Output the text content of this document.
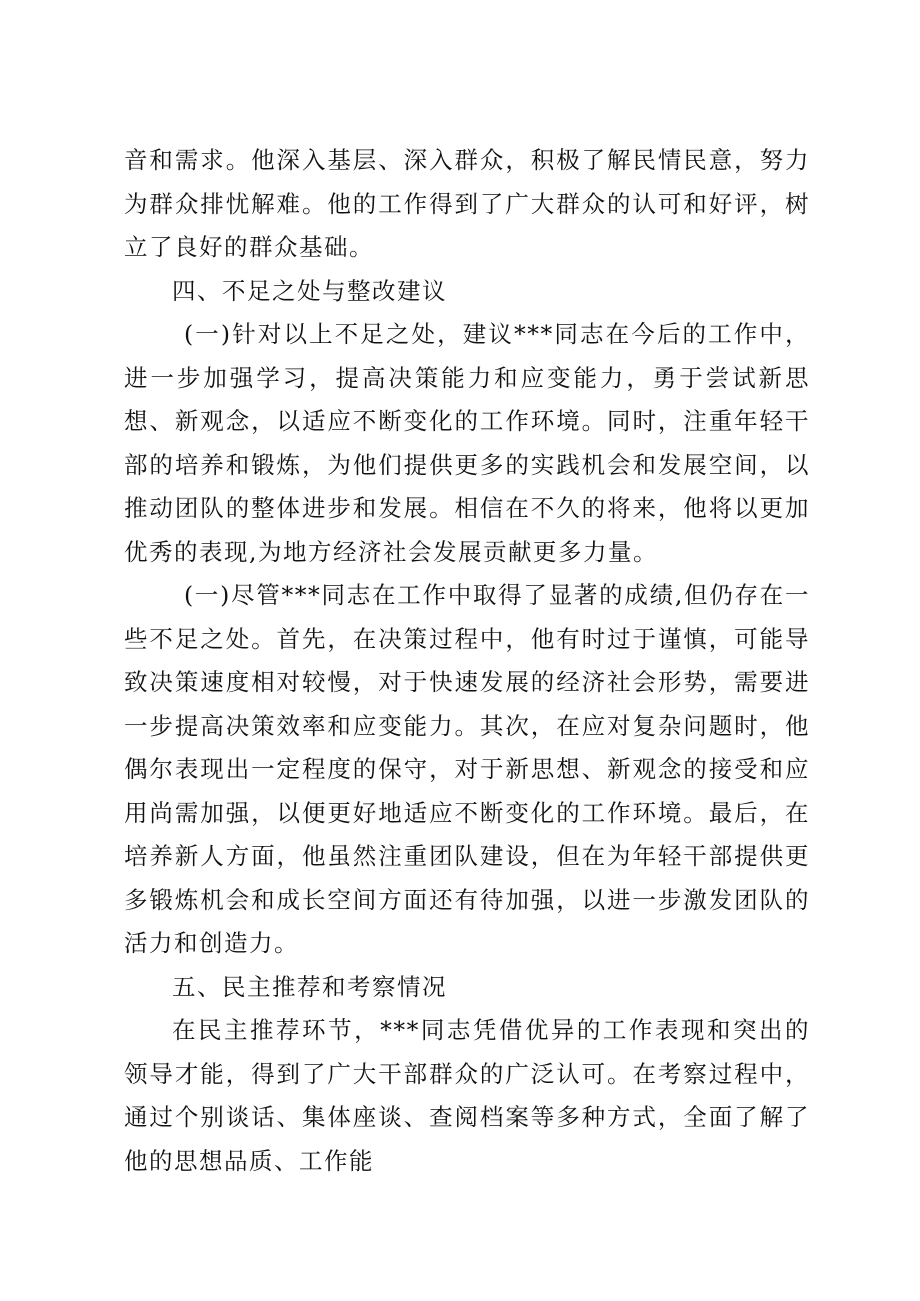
音和需求。他深入基层、深入群众，积极了解民情民意，努力为群众排忧解难。他的工作得到了广大群众的认可和好评，树立了良好的群众基础。

四、不足之处与整改建议

(一)针对以上不足之处，建议***同志在今后的工作中，进一步加强学习，提高决策能力和应变能力，勇于尝试新思想、新观念，以适应不断变化的工作环境。同时，注重年轻干部的培养和锻炼，为他们提供更多的实践机会和发展空间，以推动团队的整体进步和发展。相信在不久的将来，他将以更加优秀的表现,为地方经济社会发展贡献更多力量。

(一)尽管***同志在工作中取得了显著的成绩,但仍存在一些不足之处。首先，在决策过程中，他有时过于谨慎，可能导致决策速度相对较慢，对于快速发展的经济社会形势，需要进一步提高决策效率和应变能力。其次，在应对复杂问题时，他偶尔表现出一定程度的保守，对于新思想、新观念的接受和应用尚需加强，以便更好地适应不断变化的工作环境。最后，在培养新人方面，他虽然注重团队建设，但在为年轻干部提供更多锻炼机会和成长空间方面还有待加强，以进一步激发团队的活力和创造力。

五、民主推荐和考察情况

在民主推荐环节，***同志凭借优异的工作表现和突出的领导才能，得到了广大干部群众的广泛认可。在考察过程中，通过个别谈话、集体座谈、查阅档案等多种方式，全面了解了他的思想品质、工作能
